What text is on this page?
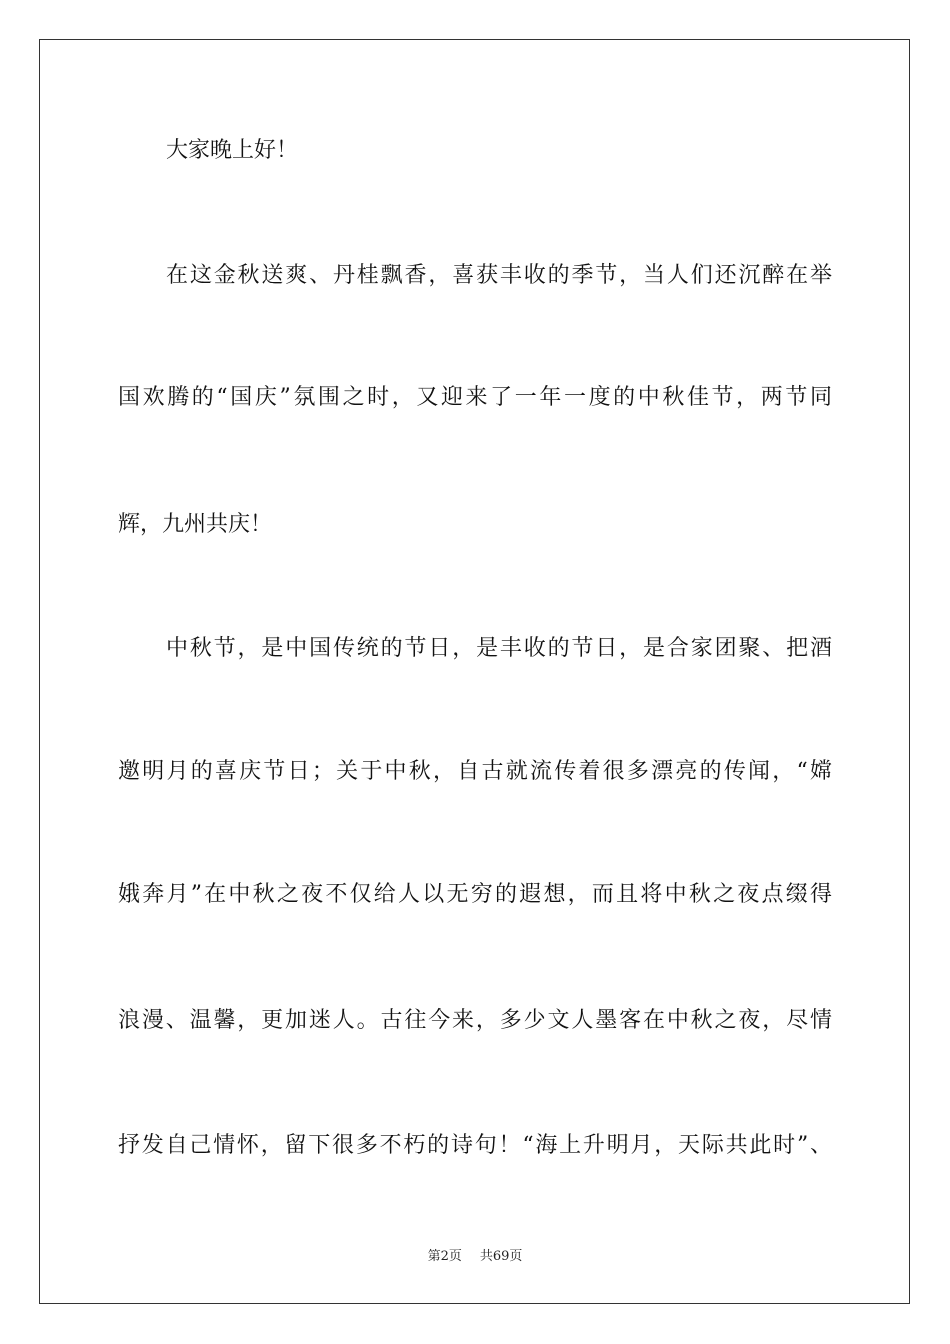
大家晚上好！
在这金秋送爽、丹桂飘香，喜获丰收的季节，当人们还沉醉在举
国欢腾的“国庆”氛围之时，又迎来了一年一度的中秋佳节，两节同
辉，九州共庆！
中秋节，是中国传统的节日，是丰收的节日，是合家团聚、把酒
邀明月的喜庆节日；关于中秋，自古就流传着很多漂亮的传闻，“嫦
娥奔月”在中秋之夜不仅给人以无穷的遐想，而且将中秋之夜点缀得
浪漫、温馨，更加迷人。古往今来，多少文人墨客在中秋之夜，尽情
抒发自己情怀，留下很多不朽的诗句！“海上升明月，天际共此时”、
第2页 共69页
